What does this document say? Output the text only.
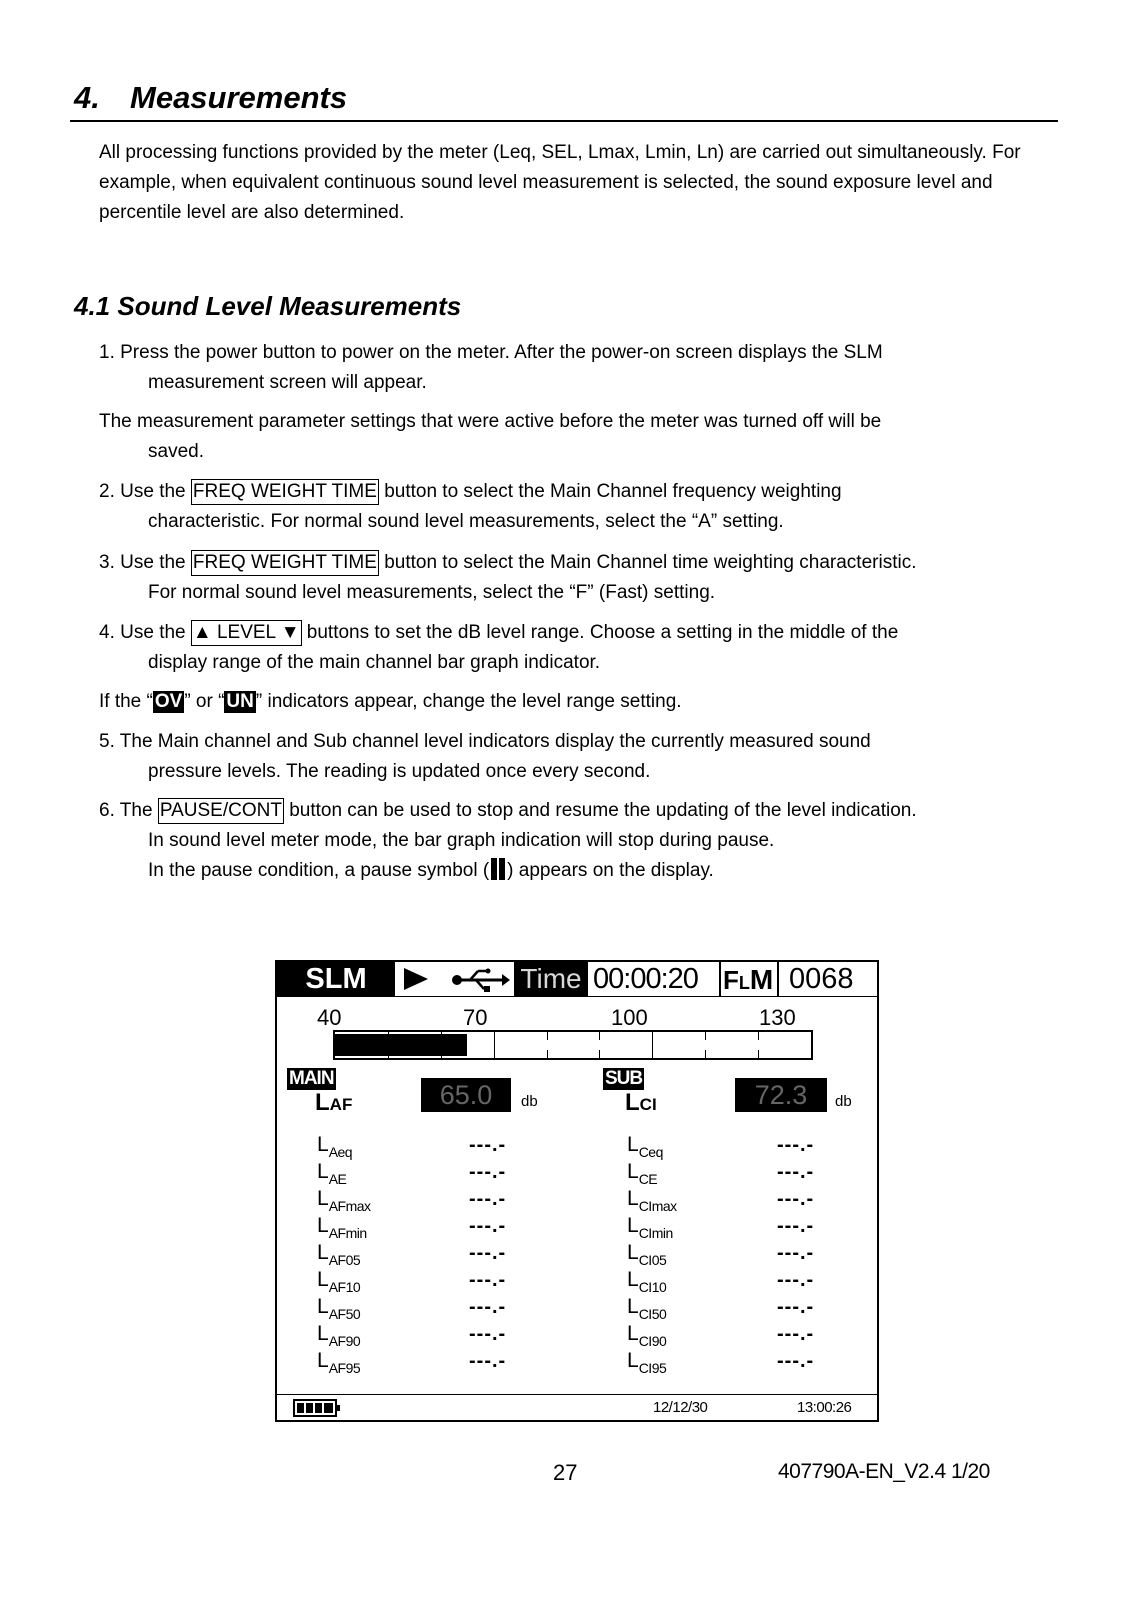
4. Measurements
All processing functions provided by the meter (Leq, SEL, Lmax, Lmin, Ln) are carried out simultaneously. For example, when equivalent continuous sound level measurement is selected, the sound exposure level and percentile level are also determined.
4.1 Sound Level Measurements
1. Press the power button to power on the meter. After the power-on screen displays the SLM
measurement screen will appear.
The measurement parameter settings that were active before the meter was turned off will be
saved.
2. Use the FREQ WEIGHT TIME button to select the Main Channel frequency weighting
characteristic. For normal sound level measurements, select the “A” setting.
3. Use the FREQ WEIGHT TIME button to select the Main Channel time weighting characteristic.
For normal sound level measurements, select the “F” (Fast) setting.
4. Use the ▲ LEVEL ▼ buttons to set the dB level range. Choose a setting in the middle of the
display range of the main channel bar graph indicator.
If the “ OV ” or “ UN ” indicators appear, change the level range setting.
5. The Main channel and Sub channel level indicators display the currently measured sound
pressure levels. The reading is updated once every second.
6. The PAUSE/CONT button can be used to stop and resume the updating of the level indication.
In sound level meter mode, the bar graph indication will stop during pause.
In the pause condition, a pause symbol ( ) appears on the display.
SLM	Time 00:00:20 FLM 0068
40	70	100	130
MAIN
LAF	65.0	db
SUB
LCI	72.3	db
$L_{Aeq}$	---.-
$L_{AE}$	---.-
$L_{AFmax}$	---.-
$L_{AFmin}$	---.-
$L_{AF05}$	---.-
$L_{AF10}$	---.-
$L_{AF50}$	---.-
$L_{AF90}$	---.-
$L_{AF95}$	---.-
$L_{Ceq}$	---.-
$L_{CE}$	---.-
$L_{CImax}$	---.-
$L_{CImin}$	---.-
$L_{CI05}$	---.-
$L_{CI10}$	---.-
$L_{CI50}$	---.-
$L_{CI90}$	---.-
$L_{CI95}$	---.-
12/12/30	13:00:26
27	407790A-EN_V2.4 1/20
